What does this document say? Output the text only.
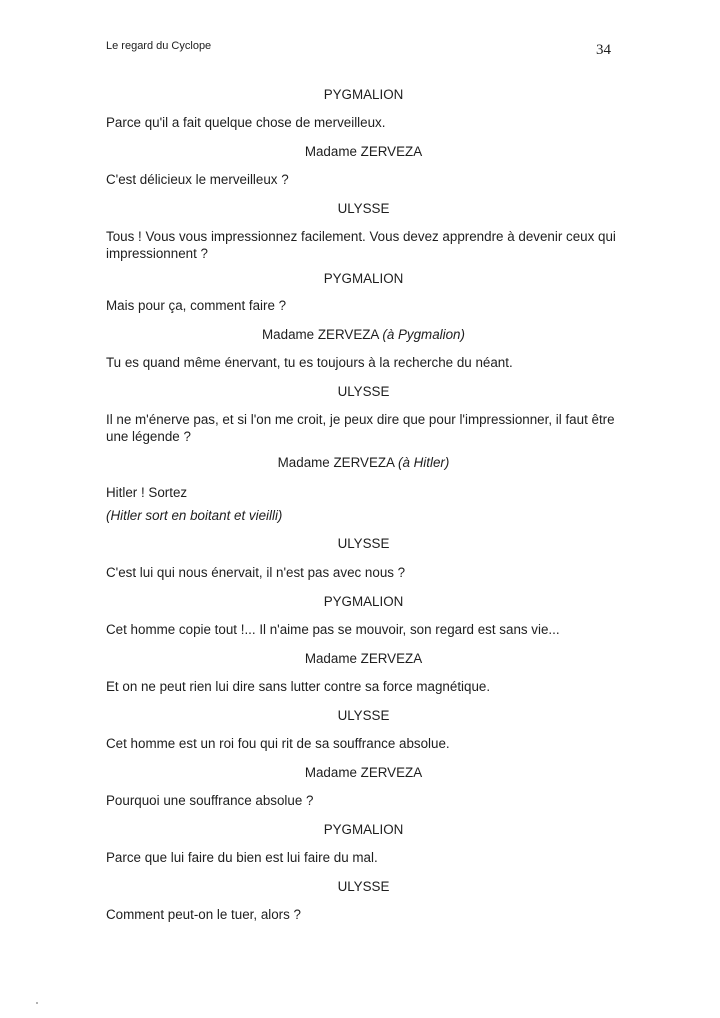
Le regard du Cyclope	34
PYGMALION
Parce qu'il a fait quelque chose de merveilleux.
Madame ZERVEZA
C'est délicieux le merveilleux ?
ULYSSE
Tous ! Vous vous impressionnez facilement. Vous devez apprendre à devenir ceux qui impressionnent ?
PYGMALION
Mais pour ça, comment faire ?
Madame ZERVEZA (à Pygmalion)
Tu es quand même énervant, tu es toujours à la recherche du néant.
ULYSSE
Il ne m'énerve pas, et si l'on me croit, je peux dire que pour l'impressionner, il faut être une légende ?
Madame ZERVEZA (à Hitler)
Hitler ! Sortez
(Hitler sort en boitant et vieilli)
ULYSSE
C'est lui qui nous énervait, il n'est pas avec nous ?
PYGMALION
Cet homme copie tout !... Il n'aime pas se mouvoir, son regard est sans vie...
Madame ZERVEZA
Et on ne peut rien lui dire sans lutter contre sa force magnétique.
ULYSSE
Cet homme est un roi fou qui rit de sa souffrance absolue.
Madame ZERVEZA
Pourquoi une souffrance absolue ?
PYGMALION
Parce que lui faire du bien est lui faire du mal.
ULYSSE
Comment peut-on le tuer, alors ?
